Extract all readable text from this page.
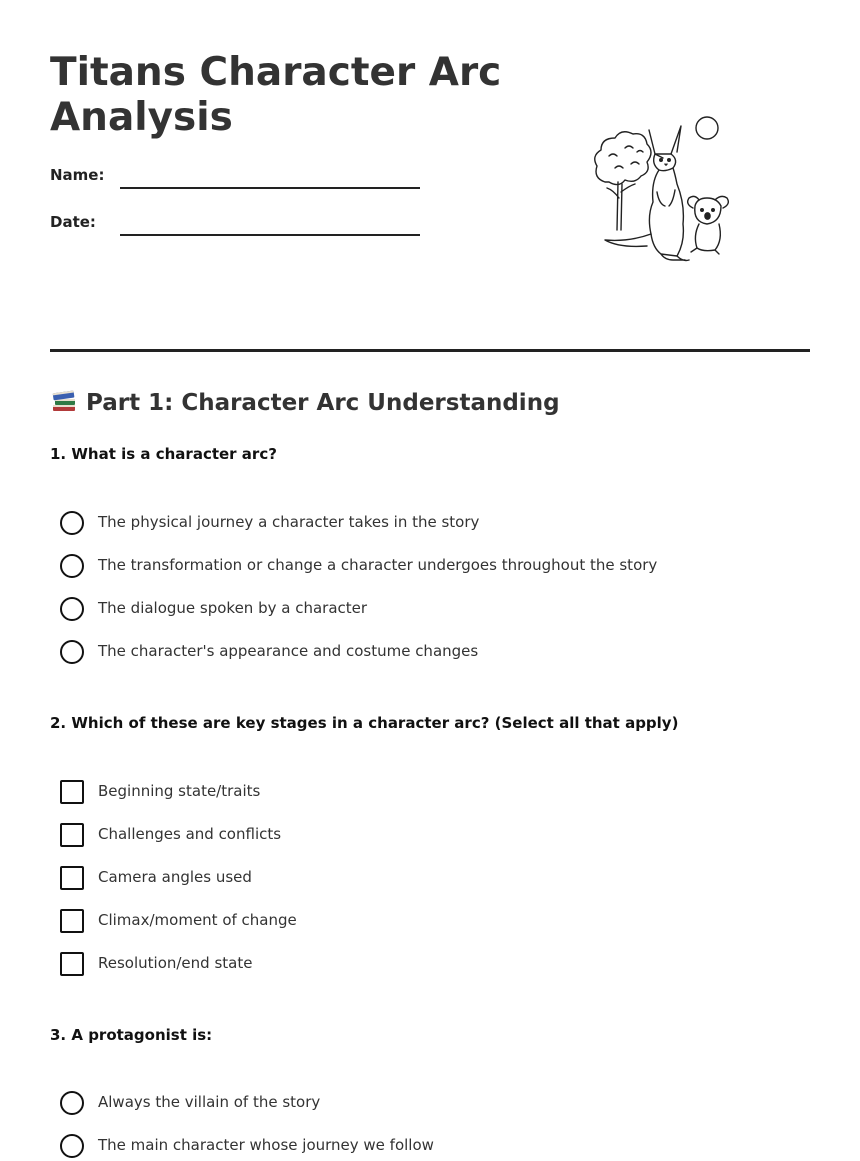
Titans Character Arc Analysis
Name:
Date:
Part 1: Character Arc Understanding
1. What is a character arc?
The physical journey a character takes in the story
The transformation or change a character undergoes throughout the story
The dialogue spoken by a character
The character's appearance and costume changes
2. Which of these are key stages in a character arc? (Select all that apply)
Beginning state/traits
Challenges and conflicts
Camera angles used
Climax/moment of change
Resolution/end state
3. A protagonist is:
Always the villain of the story
The main character whose journey we follow
